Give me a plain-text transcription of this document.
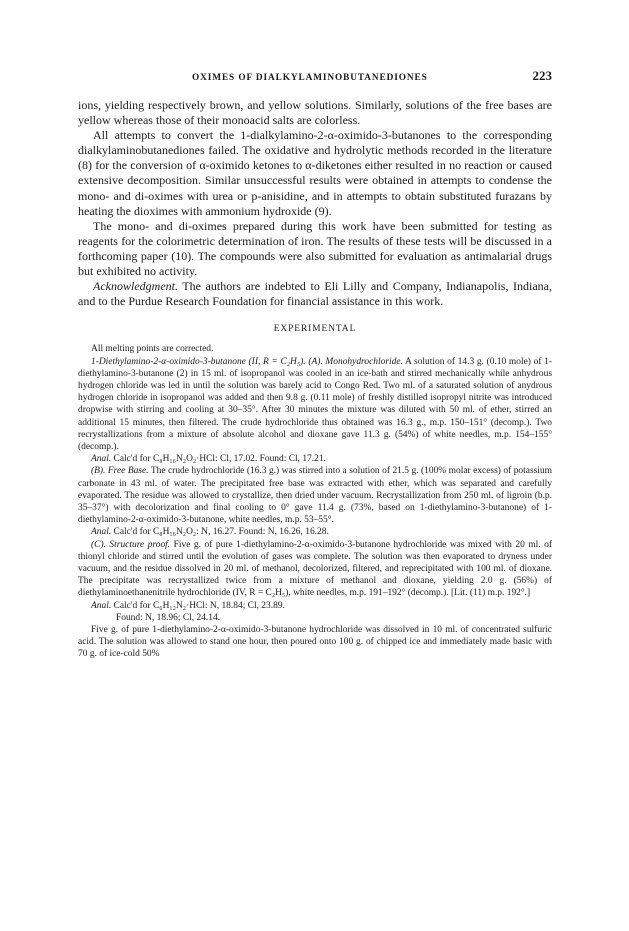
OXIMES OF DIALKYLAMINOBUTANEDIONES	223

ions, yielding respectively brown, and yellow solutions. Similarly, solutions of the free bases are yellow whereas those of their monoacid salts are colorless.

All attempts to convert the 1-dialkylamino-2-α-oximido-3-butanones to the corresponding dialkylaminobutanediones failed. The oxidative and hydrolytic methods recorded in the literature (8) for the conversion of α-oximido ketones to α-diketones either resulted in no reaction or caused extensive decomposition. Similar unsuccessful results were obtained in attempts to condense the mono- and di-oximes with urea or p-anisidine, and in attempts to obtain substituted furazans by heating the dioximes with ammonium hydroxide (9).

The mono- and di-oximes prepared during this work have been submitted for testing as reagents for the colorimetric determination of iron. The results of these tests will be discussed in a forthcoming paper (10). The compounds were also submitted for evaluation as antimalarial drugs but exhibited no activity.

Acknowledgment. The authors are indebted to Eli Lilly and Company, Indianapolis, Indiana, and to the Purdue Research Foundation for financial assistance in this work.

EXPERIMENTAL

All melting points are corrected.

1-Diethylamino-2-α-oximido-3-butanone (II, R = C₂H₅). (A). Monohydrochloride. A solution of 14.3 g. (0.10 mole) of 1-diethylamino-3-butanone (2) in 15 ml. of isopropanol was cooled in an ice-bath and stirred mechanically while anhydrous hydrogen chloride was led in until the solution was barely acid to Congo Red. Two ml. of a saturated solution of anydrous hydrogen chloride in isopropanol was added and then 9.8 g. (0.11 mole) of freshly distilled isopropyl nitrite was introduced dropwise with stirring and cooling at 30–35°. After 30 minutes the mixture was diluted with 50 ml. of ether, stirred an additional 15 minutes, then filtered. The crude hydrochloride thus obtained was 16.3 g., m.p. 150–151° (decomp.). Two recrystallizations from a mixture of absolute alcohol and dioxane gave 11.3 g. (54%) of white needles, m.p. 154–155° (decomp.).

Anal. Calc'd for C₈H₁₆N₂O₂·HCl: Cl, 17.02. Found: Cl, 17.21.

(B). Free Base. The crude hydrochloride (16.3 g.) was stirred into a solution of 21.5 g. (100% molar excess) of potassium carbonate in 43 ml. of water. The precipitated free base was extracted with ether, which was separated and carefully evaporated. The residue was allowed to crystallize, then dried under vacuum. Recrystallization from 250 ml. of ligroin (b.p. 35–37°) with decolorization and final cooling to 0° gave 11.4 g. (73%, based on 1-diethylamino-3-butanone) of 1-diethylamino-2-α-oximido-3-butanone, white needles, m.p. 53–55°.

Anal. Calc'd for C₈H₁₆N₂O₂: N, 16.27. Found: N, 16.26, 16.28.

(C). Structure proof. Five g. of pure 1-diethylamino-2-α-oximido-3-butanone hydrochloride was mixed with 20 ml. of thionyl chloride and stirred until the evolution of gases was complete. The solution was then evaporated to dryness under vacuum, and the residue dissolved in 20 ml. of methanol, decolorized, filtered, and reprecipitated with 100 ml. of dioxane. The precipitate was recrystallized twice from a mixture of methanol and dioxane, yielding 2.0 g. (56%) of diethylaminoethanenitrile hydrochloride (IV, R = C₂H₅), white needles, m.p. 191–192° (decomp.). [Lit. (11) m.p. 192°.]

Anal. Calc'd for C₆H₁₂N₂·HCl: N, 18.84; Cl, 23.89.

Found: N, 18.96; Cl, 24.14.

Five g. of pure 1-diethylamino-2-α-oximido-3-butanone hydrochloride was dissolved in 10 ml. of concentrated sulfuric acid. The solution was allowed to stand one hour, then poured onto 100 g. of chipped ice and immediately made basic with 70 g. of ice-cold 50%
